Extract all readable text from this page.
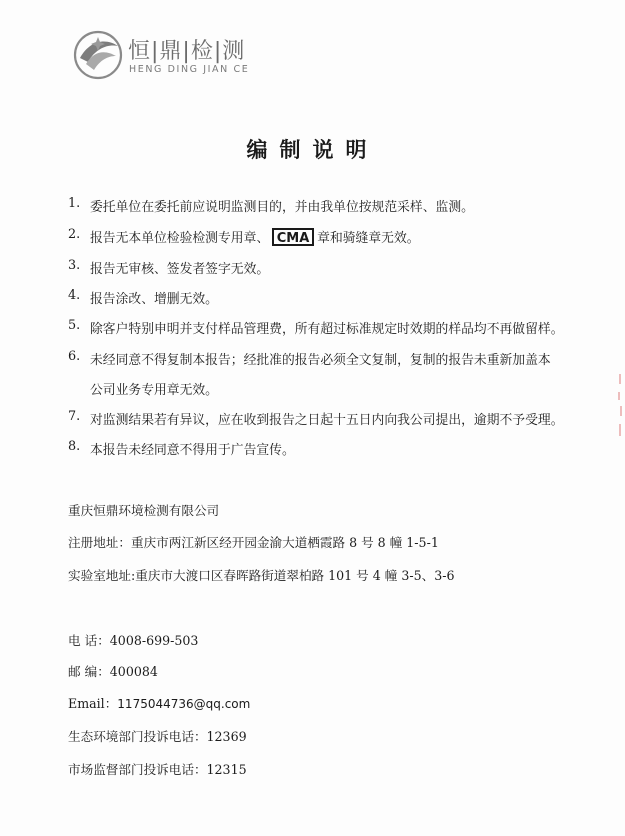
恒|鼎|检|测
HENG DING JIAN CE
编制说明
1. 委托单位在委托前应说明监测目的，并由我单位按规范采样、监测。
2. 报告无本单位检验检测专用章、 CMA 章和骑缝章无效。
3. 报告无审核、签发者签字无效。
4. 报告涂改、增删无效。
5. 除客户特别申明并支付样品管理费，所有超过标准规定时效期的样品均不再做留样。
6. 未经同意不得复制本报告；经批准的报告必须全文复制，复制的报告未重新加盖本
公司业务专用章无效。
7. 对监测结果若有异议，应在收到报告之日起十五日内向我公司提出，逾期不予受理。
8. 本报告未经同意不得用于广告宣传。
重庆恒鼎环境检测有限公司
注册地址：重庆市两江新区经开园金渝大道栖霞路 8 号 8 幢 1-5-1
实验室地址:重庆市大渡口区春晖路街道翠柏路 101 号 4 幢 3-5、3-6
电 话：4008-699-503
邮 编：400084
Email：1175044736@qq.com
生态环境部门投诉电话：12369
市场监督部门投诉电话：12315
